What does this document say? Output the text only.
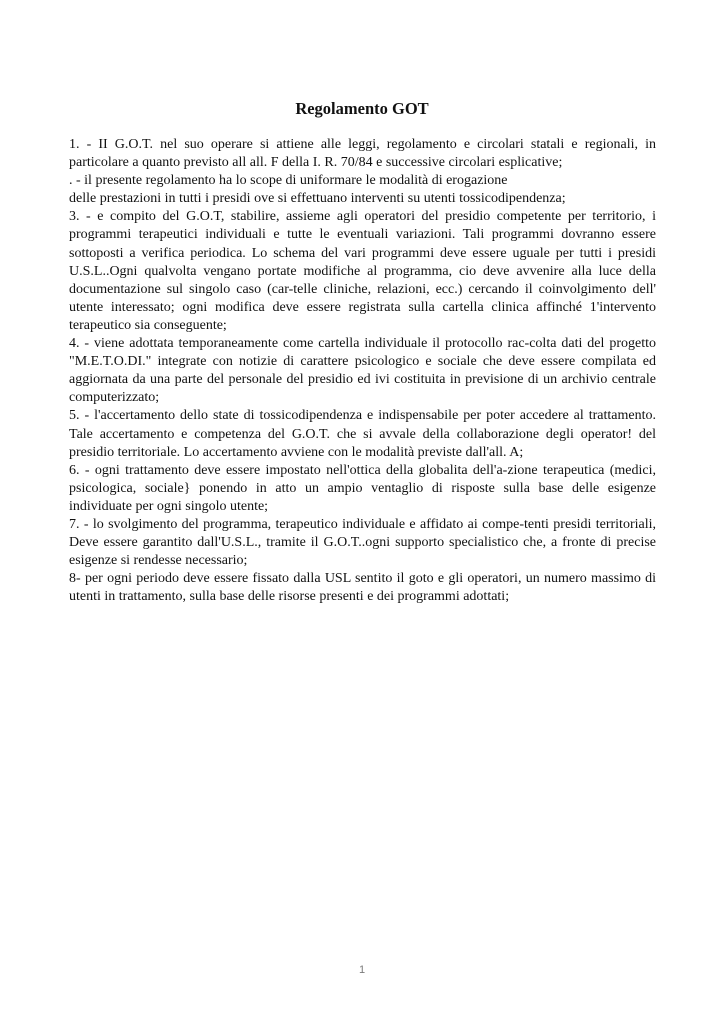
Regolamento GOT

1. - II G.O.T. nel suo operare si attiene alle leggi, regolamento e circolari statali e regionali, in particolare a quanto previsto all all. F della I. R. 70/84 e successive circolari esplicative;

. - il presente regolamento ha lo scope di uniformare le modalità di erogazione

delle prestazioni in tutti i presidi ove si effettuano interventi su utenti tossicodipendenza;

3. - e compito del G.O.T, stabilire, assieme agli operatori del presidio competente per territorio, i programmi terapeutici individuali e tutte le eventuali variazioni. Tali programmi dovranno essere sottoposti a verifica periodica. Lo schema del vari programmi deve essere uguale per tutti i presidi U.S.L..Ogni qualvolta vengano portate modifiche al programma, cio deve avvenire alla luce della documentazione sul singolo caso (car-telle cliniche, relazioni, ecc.) cercando il coinvolgimento dell' utente interessato; ogni modifica deve essere registrata sulla cartella clinica affinché 1'intervento terapeutico sia conseguente;

4. - viene adottata temporaneamente come cartella individuale il protocollo rac-colta dati del progetto "M.E.T.O.DI." integrate con notizie di carattere psicologico e sociale che deve essere compilata ed aggiornata da una parte del personale del presidio ed ivi costituita in previsione di un archivio centrale computerizzato;

5. - l'accertamento dello state di tossicodipendenza e indispensabile per poter accedere al trattamento. Tale accertamento e competenza del G.O.T. che si avvale della collaborazione degli operator! del presidio territoriale. Lo accertamento avviene con le modalità previste dall'all. A;

6. - ogni trattamento deve essere impostato nell'ottica della globalita dell'a-zione terapeutica (medici, psicologica, sociale} ponendo in atto un ampio ventaglio di risposte sulla base delle esigenze individuate per ogni singolo utente;

7. - lo svolgimento del programma, terapeutico individuale e affidato ai compe-tenti presidi territoriali, Deve essere garantito dall'U.S.L., tramite il G.O.T..ogni supporto specialistico che, a fronte di precise esigenze si rendesse necessario;

8- per ogni periodo deve essere fissato dalla USL sentito il goto e gli operatori, un numero massimo di utenti in trattamento, sulla base delle risorse presenti e dei programmi adottati;

1
